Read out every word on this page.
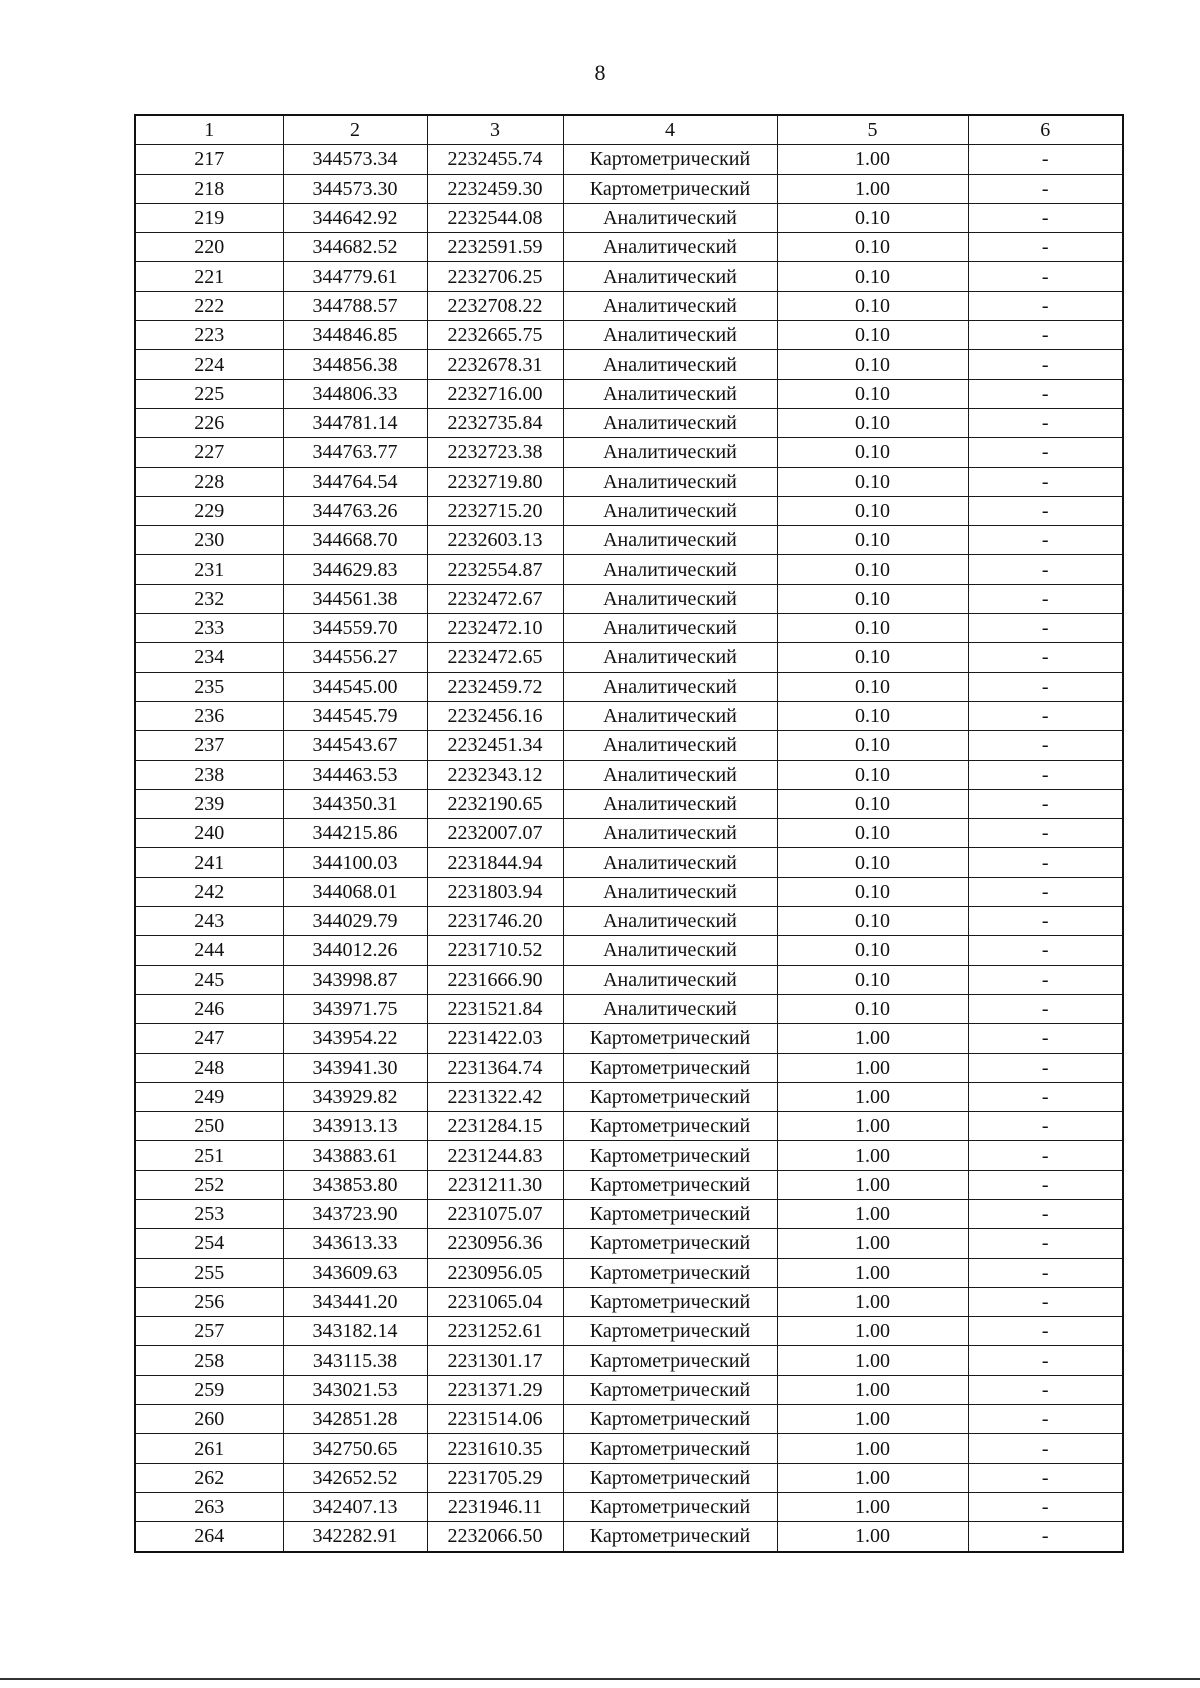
8
1	2	3	4	5	6
217	344573.34	2232455.74	Картометрический	1.00	-
218	344573.30	2232459.30	Картометрический	1.00	-
219	344642.92	2232544.08	Аналитический	0.10	-
220	344682.52	2232591.59	Аналитический	0.10	-
221	344779.61	2232706.25	Аналитический	0.10	-
222	344788.57	2232708.22	Аналитический	0.10	-
223	344846.85	2232665.75	Аналитический	0.10	-
224	344856.38	2232678.31	Аналитический	0.10	-
225	344806.33	2232716.00	Аналитический	0.10	-
226	344781.14	2232735.84	Аналитический	0.10	-
227	344763.77	2232723.38	Аналитический	0.10	-
228	344764.54	2232719.80	Аналитический	0.10	-
229	344763.26	2232715.20	Аналитический	0.10	-
230	344668.70	2232603.13	Аналитический	0.10	-
231	344629.83	2232554.87	Аналитический	0.10	-
232	344561.38	2232472.67	Аналитический	0.10	-
233	344559.70	2232472.10	Аналитический	0.10	-
234	344556.27	2232472.65	Аналитический	0.10	-
235	344545.00	2232459.72	Аналитический	0.10	-
236	344545.79	2232456.16	Аналитический	0.10	-
237	344543.67	2232451.34	Аналитический	0.10	-
238	344463.53	2232343.12	Аналитический	0.10	-
239	344350.31	2232190.65	Аналитический	0.10	-
240	344215.86	2232007.07	Аналитический	0.10	-
241	344100.03	2231844.94	Аналитический	0.10	-
242	344068.01	2231803.94	Аналитический	0.10	-
243	344029.79	2231746.20	Аналитический	0.10	-
244	344012.26	2231710.52	Аналитический	0.10	-
245	343998.87	2231666.90	Аналитический	0.10	-
246	343971.75	2231521.84	Аналитический	0.10	-
247	343954.22	2231422.03	Картометрический	1.00	-
248	343941.30	2231364.74	Картометрический	1.00	-
249	343929.82	2231322.42	Картометрический	1.00	-
250	343913.13	2231284.15	Картометрический	1.00	-
251	343883.61	2231244.83	Картометрический	1.00	-
252	343853.80	2231211.30	Картометрический	1.00	-
253	343723.90	2231075.07	Картометрический	1.00	-
254	343613.33	2230956.36	Картометрический	1.00	-
255	343609.63	2230956.05	Картометрический	1.00	-
256	343441.20	2231065.04	Картометрический	1.00	-
257	343182.14	2231252.61	Картометрический	1.00	-
258	343115.38	2231301.17	Картометрический	1.00	-
259	343021.53	2231371.29	Картометрический	1.00	-
260	342851.28	2231514.06	Картометрический	1.00	-
261	342750.65	2231610.35	Картометрический	1.00	-
262	342652.52	2231705.29	Картометрический	1.00	-
263	342407.13	2231946.11	Картометрический	1.00	-
264	342282.91	2232066.50	Картометрический	1.00	-
